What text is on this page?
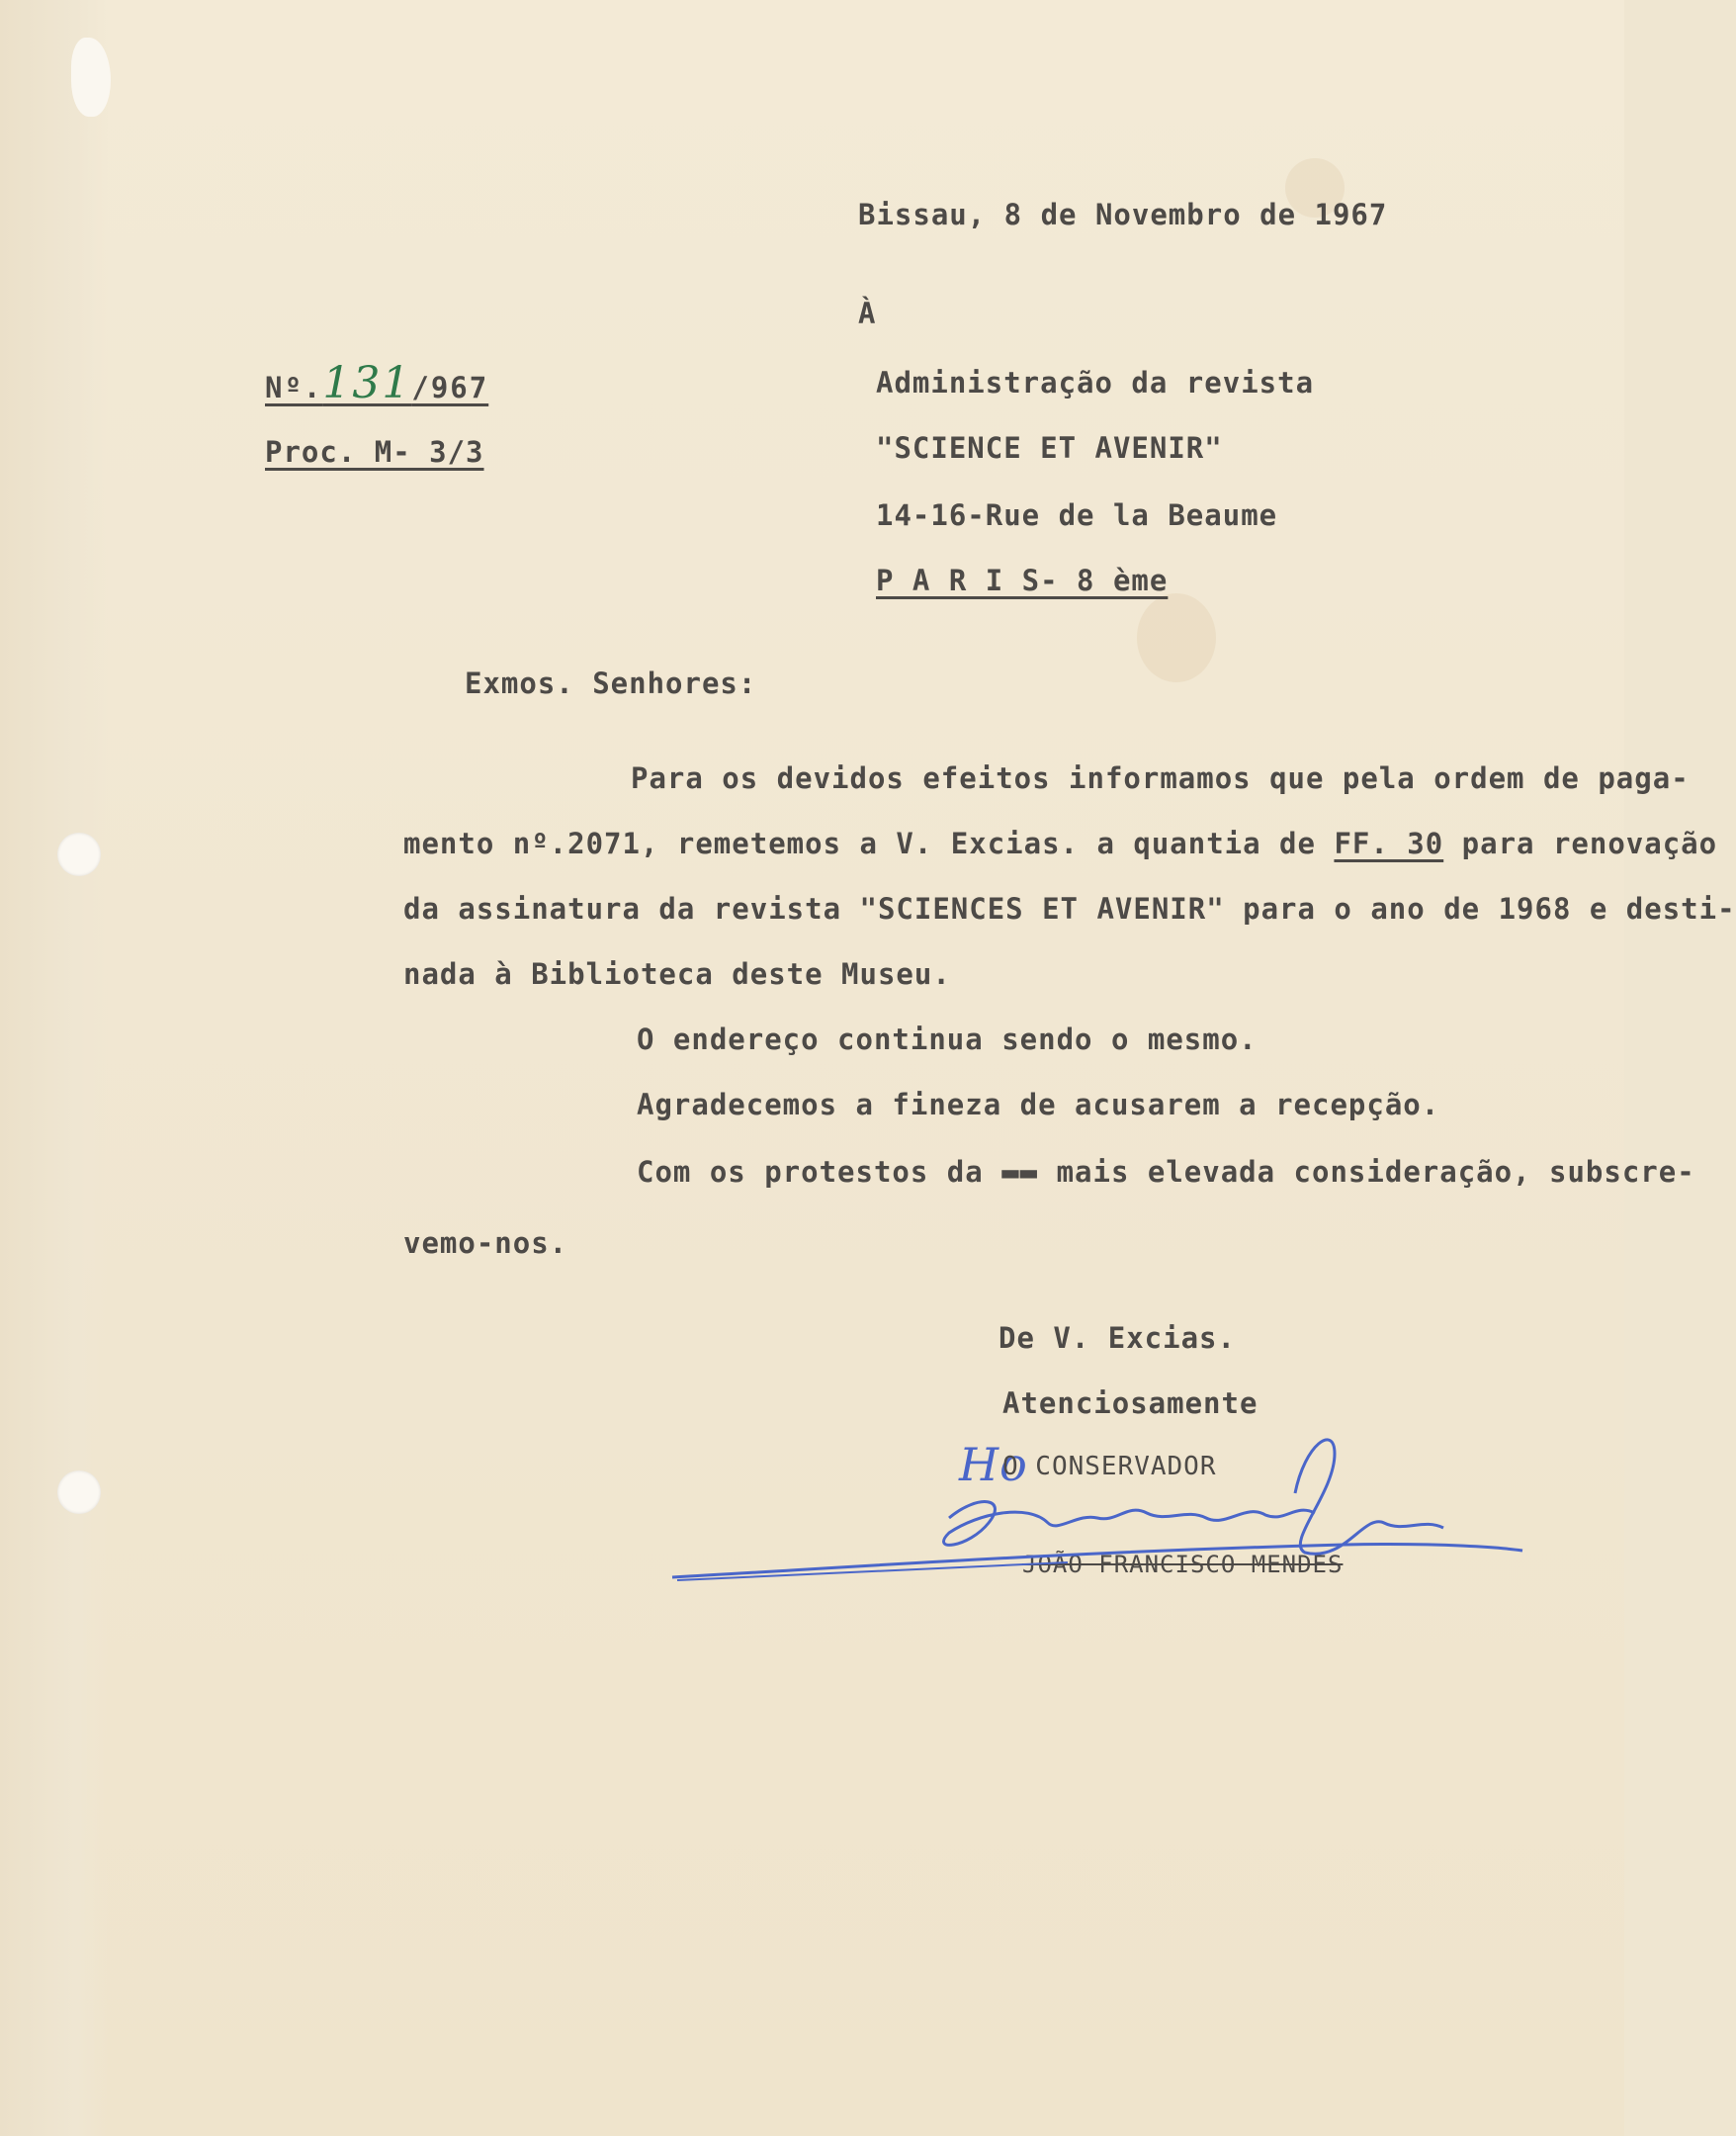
Bissau, 8 de Novembro de 1967
À
Nº.131/967
Proc. M- 3/3
Administração da revista
"SCIENCE ET AVENIR"
14-16-Rue de la Beaume
P A R I S- 8 ème
Exmos. Senhores:
Para os devidos efeitos informamos que pela ordem de paga-
mento nº.2071, remetemos a V. Excias. a quantia de FF. 30 para renovação
da assinatura da revista "SCIENCES ET AVENIR" para o ano de 1968 e desti-
nada à Biblioteca deste Museu.
O endereço continua sendo o mesmo.
Agradecemos a fineza de acusarem a recepção.
Com os protestos da ▬▬ mais elevada consideração, subscre-
vemo-nos.
De V. Excias.
Atenciosamente
Ho
O CONSERVADOR
JOÃO FRANCISCO MENDES
